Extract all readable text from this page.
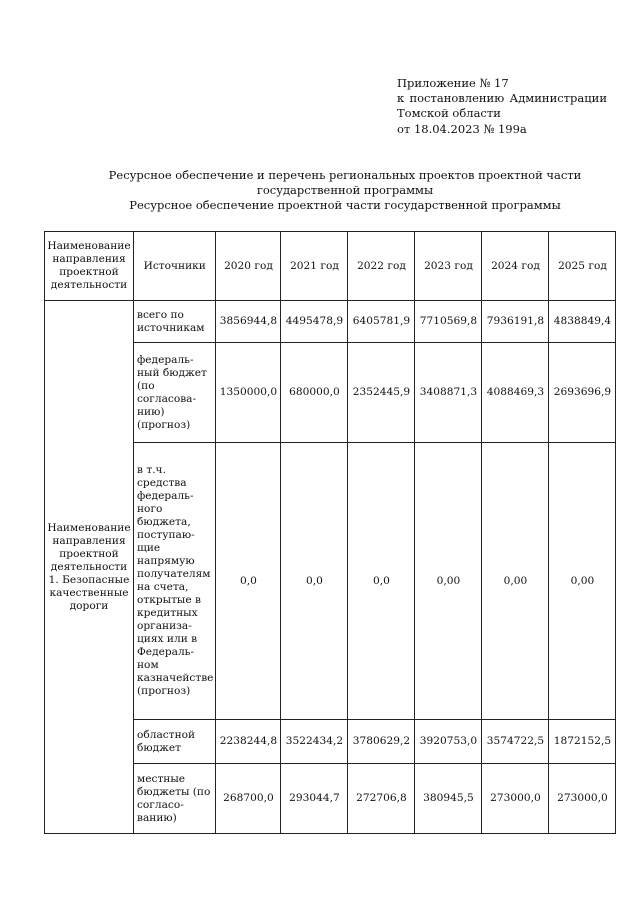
Приложение № 17
к постановлению Администрации
Томской области
от 18.04.2023 № 199а
Ресурсное обеспечение и перечень региональных проектов проектной части
государственной программы
Ресурсное обеспечение проектной части государственной программы
Наименование направления проектной деятельности	Источники	2020 год	2021 год	2022 год	2023 год	2024 год	2025 год
Наименование направления проектной деятельности 1. Безопасные качественные дороги	всего по источникам	3856944,8	4495478,9	6405781,9	7710569,8	7936191,8	4838849,4
	федераль-ный бюджет (по согласова-нию) (прогноз)	1350000,0	680000,0	2352445,9	3408871,3	4088469,3	2693696,9
	в т.ч. средства федераль-ного бюджета, поступаю-щие напрямую получателям на счета, открытые в кредитных организа-циях или в Федераль-ном казначействе (прогноз)	0,0	0,0	0,0	0,00	0,00	0,00
	областной бюджет	2238244,8	3522434,2	3780629,2	3920753,0	3574722,5	1872152,5
	местные бюджеты (по согласо-ванию)	268700,0	293044,7	272706,8	380945,5	273000,0	273000,0
